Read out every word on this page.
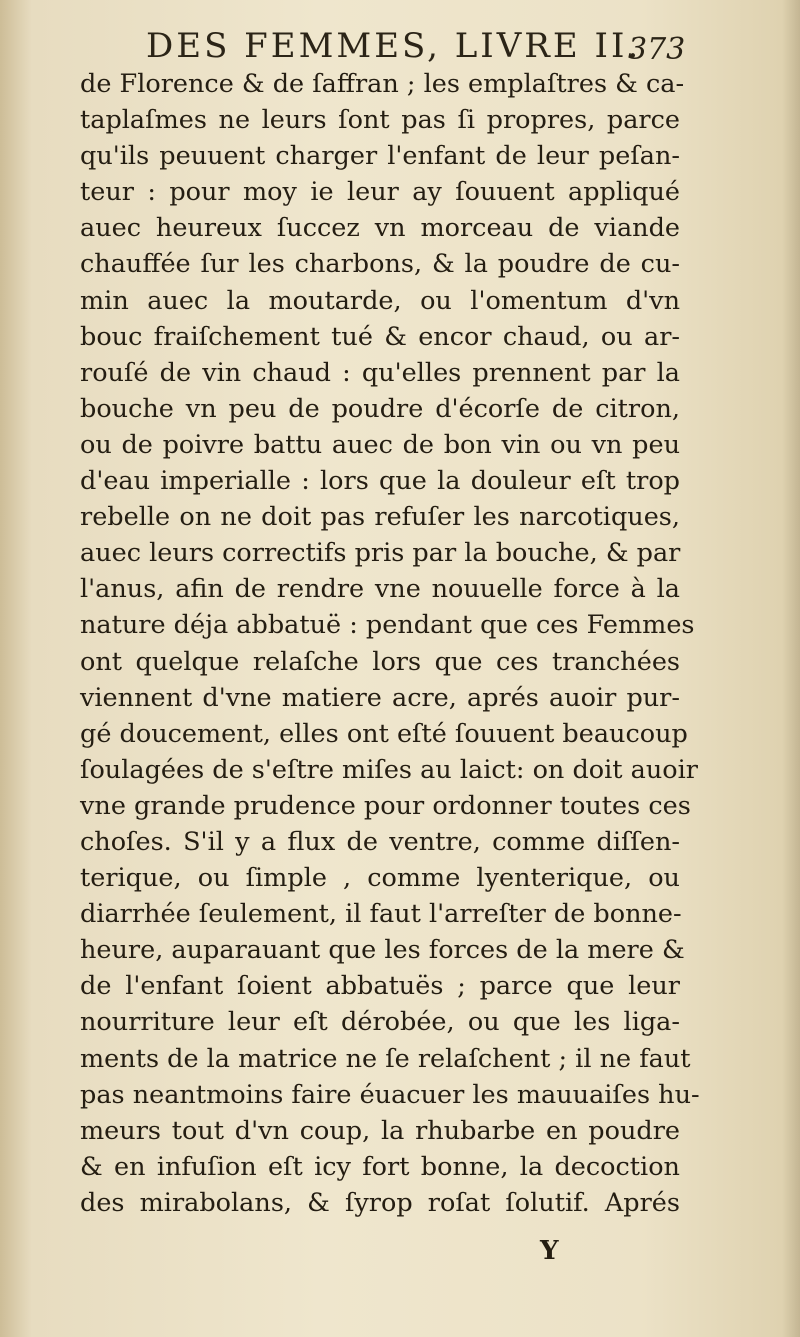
DES FEMMES, LIVRE II.
373
de Florence & de ſaffran ; les emplaſtres & ca-
taplaſmes ne leurs ſont pas ſi propres, parce
qu'ils peuuent charger l'enfant de leur peſan-
teur : pour moy ie leur ay ſouuent appliqué
auec heureux ſuccez vn morceau de viande
chauffée ſur les charbons, & la poudre de cu-
min auec la moutarde, ou l'omentum d'vn
bouc fraiſchement tué & encor chaud, ou ar-
rouſé de vin chaud : qu'elles prennent par la
bouche vn peu de poudre d'écorſe de citron,
ou de poivre battu auec de bon vin ou vn peu
d'eau imperialle : lors que la douleur eſt trop
rebelle on ne doit pas refuſer les narcotiques,
auec leurs correctifs pris par la bouche, & par
l'anus, afin de rendre vne nouuelle force à la
nature déja abbatuë : pendant que ces Femmes
ont quelque relaſche lors que ces tranchées
viennent d'vne matiere acre, aprés auoir pur-
gé doucement, elles ont eſté ſouuent beaucoup
ſoulagées de s'eſtre miſes au laict: on doit auoir
vne grande prudence pour ordonner toutes ces
choſes. S'il y a flux de ventre, comme diſſen-
terique, ou ſimple , comme lyenterique, ou
diarrhée ſeulement, il faut l'arreſter de bonne-
heure, auparauant que les forces de la mere &
de l'enfant ſoient abbatuës ; parce que leur
nourriture leur eſt dérobée, ou que les liga-
ments de la matrice ne ſe relaſchent ; il ne faut
pas neantmoins faire éuacuer les mauuaiſes hu-
meurs tout d'vn coup, la rhubarbe en poudre
& en infuſion eſt icy fort bonne, la decoction
des mirabolans, & ſyrop roſat ſolutif. Aprés
Y
